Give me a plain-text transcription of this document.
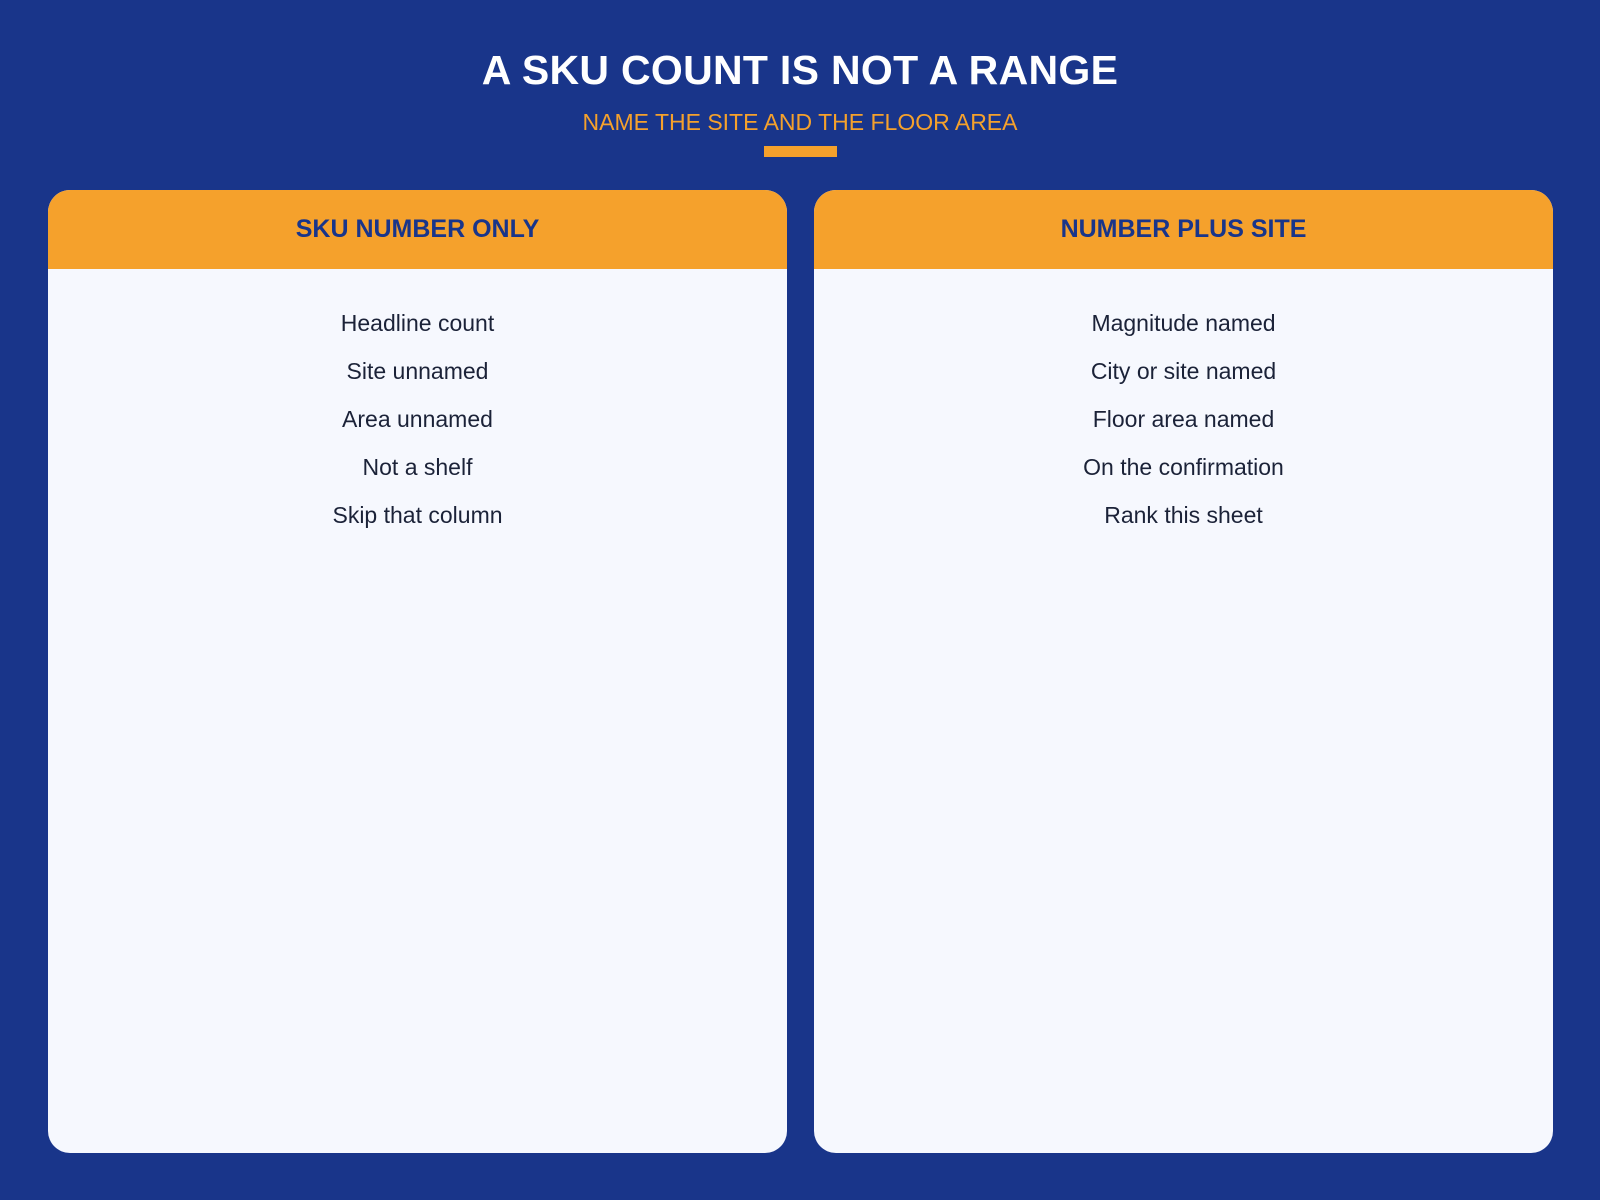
A SKU COUNT IS NOT A RANGE
NAME THE SITE AND THE FLOOR AREA
SKU NUMBER ONLY
Headline count
Site unnamed
Area unnamed
Not a shelf
Skip that column
NUMBER PLUS SITE
Magnitude named
City or site named
Floor area named
On the confirmation
Rank this sheet
